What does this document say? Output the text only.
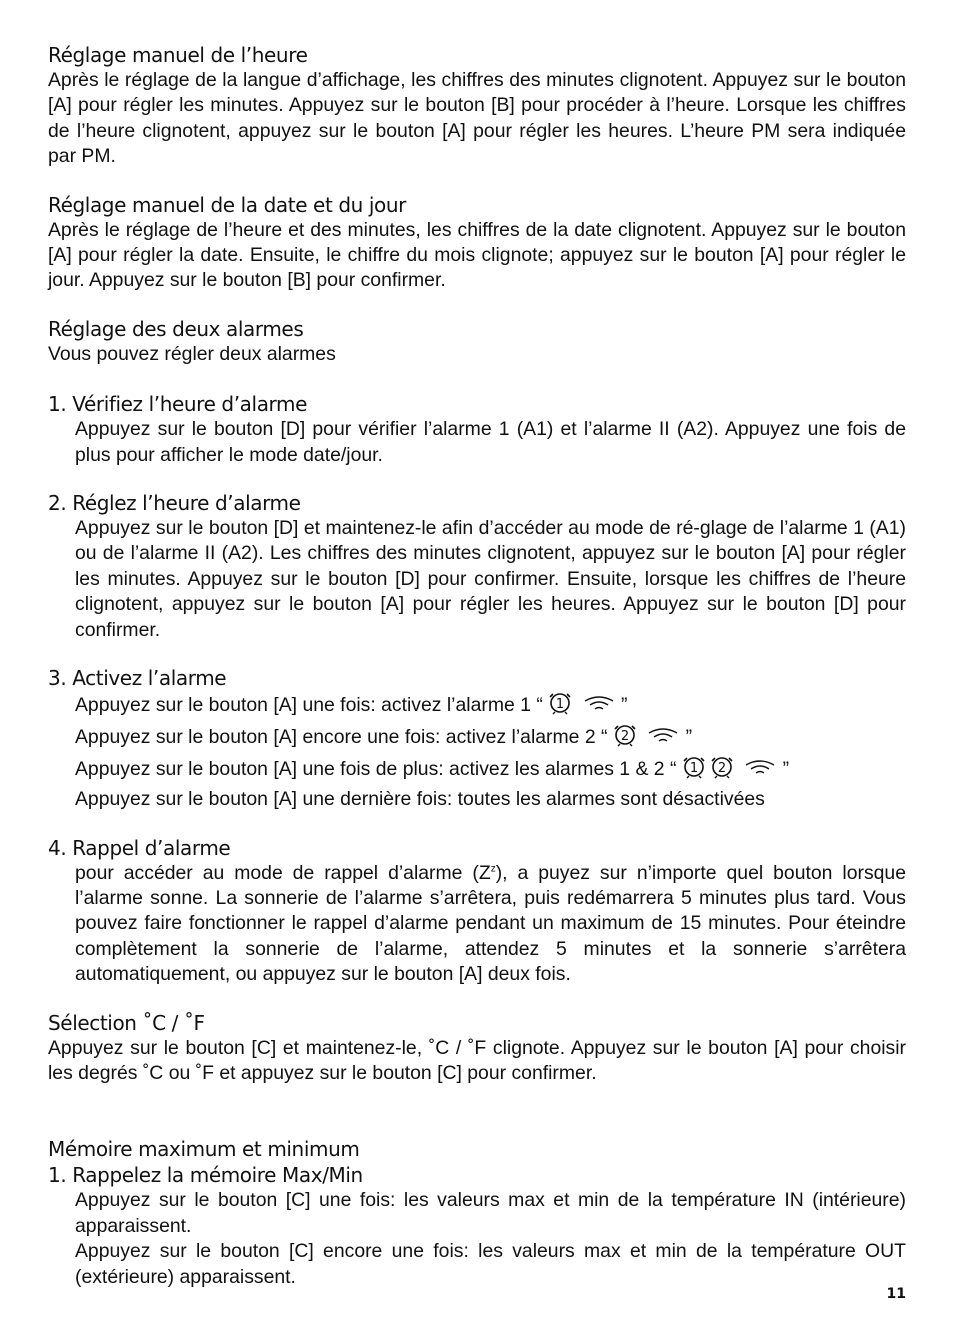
Réglage manuel de l’heure

Après le réglage de la langue d’affichage, les chiffres des minutes clignotent. Appuyez sur le bouton [A] pour régler les minutes. Appuyez sur le bouton [B] pour procéder à l’heure. Lorsque les chiffres de l’heure clignotent, appuyez sur le bouton [A] pour régler les heures. L’heure PM sera indiquée par PM.

Réglage manuel de la date et du jour

Après le réglage de l’heure et des minutes, les chiffres de la date clignotent. Appuyez sur le bouton [A] pour régler la date. Ensuite, le chiffre du mois clignote; appuyez sur le bouton [A] pour régler le jour. Appuyez sur le bouton [B] pour confirmer.

Réglage des deux alarmes

Vous pouvez régler deux alarmes

1. Vérifiez l’heure d’alarme

Appuyez sur le bouton [D] pour vérifier l’alarme 1 (A1) et l’alarme II (A2). Appuyez une fois de plus pour afficher le mode date/jour.

2. Réglez l’heure d’alarme

Appuyez sur le bouton [D] et maintenez-le afin d’accéder au mode de ré-glage de l’alarme 1 (A1) ou de l’alarme II (A2). Les chiffres des minutes clignotent, appuyez sur le bouton [A] pour régler les minutes. Appuyez sur le bouton [D] pour confirmer. Ensuite, lorsque les chiffres de l’heure clignotent, appuyez sur le bouton [A] pour régler les heures. Appuyez sur le bouton [D] pour confirmer.

3. Activez l’alarme
Appuyez sur le bouton [A] une fois: activez l’alarme 1 “ 1	”
Appuyez sur le bouton [A] encore une fois: activez l’alarme 2 “ 2	”
Appuyez sur le bouton [A] une fois de plus: activez les alarmes 1 & 2 “ 1 2	”
Appuyez sur le bouton [A] une dernière fois: toutes les alarmes sont désactivées
4. Rappel d’alarme

pour accéder au mode de rappel d’alarme $(Z^z)$, a puyez sur n’importe quel bouton lorsque l’alarme sonne. La sonnerie de l’alarme s’arrêtera, puis redémarrera 5 minutes plus tard. Vous pouvez faire fonctionner le rappel d’alarme pendant un maximum de 15 minutes. Pour éteindre complètement la sonnerie de l’alarme, attendez 5 minutes et la sonnerie s’arrêtera automatiquement, ou appuyez sur le bouton [A] deux fois.

Sélection ˚C / ˚F

Appuyez sur le bouton [C] et maintenez-le, ˚C / ˚F clignote. Appuyez sur le bouton [A] pour choisir les degrés ˚C ou ˚F et appuyez sur le bouton [C] pour confirmer.

Mémoire maximum et minimum
1. Rappelez la mémoire Max/Min

Appuyez sur le bouton [C] une fois: les valeurs max et min de la température IN (intérieure) apparaissent.

Appuyez sur le bouton [C] encore une fois: les valeurs max et min de la température OUT (extérieure) apparaissent.

11
